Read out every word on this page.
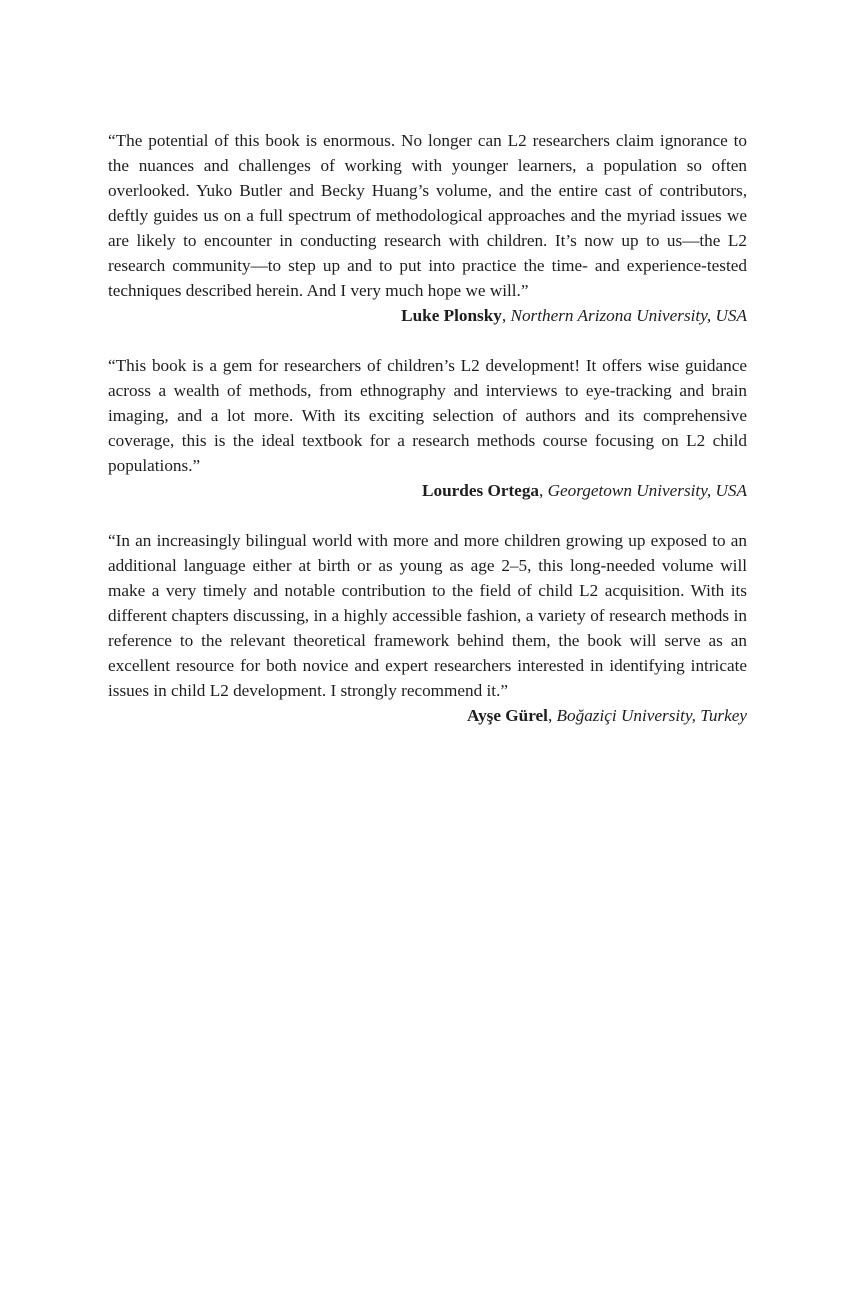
“The potential of this book is enormous. No longer can L2 researchers claim ignorance to the nuances and challenges of working with younger learners, a population so often overlooked. Yuko Butler and Becky Huang’s volume, and the entire cast of contributors, deftly guides us on a full spectrum of methodological approaches and the myriad issues we are likely to encounter in conducting research with children. It’s now up to us—the L2 research community—to step up and to put into practice the time- and experience-tested techniques described herein. And I very much hope we will.”

Luke Plonsky, Northern Arizona University, USA

“This book is a gem for researchers of children’s L2 development! It offers wise guidance across a wealth of methods, from ethnography and interviews to eye-tracking and brain imaging, and a lot more. With its exciting selection of authors and its comprehensive coverage, this is the ideal textbook for a research methods course focusing on L2 child populations.”

Lourdes Ortega, Georgetown University, USA

“In an increasingly bilingual world with more and more children growing up exposed to an additional language either at birth or as young as age 2–5, this long-needed volume will make a very timely and notable contribution to the field of child L2 acquisition. With its different chapters discussing, in a highly accessible fashion, a variety of research methods in reference to the relevant theoretical framework behind them, the book will serve as an excellent resource for both novice and expert researchers interested in identifying intricate issues in child L2 development. I strongly recommend it.”

Ayşe Gürel, Boğaziçi University, Turkey
